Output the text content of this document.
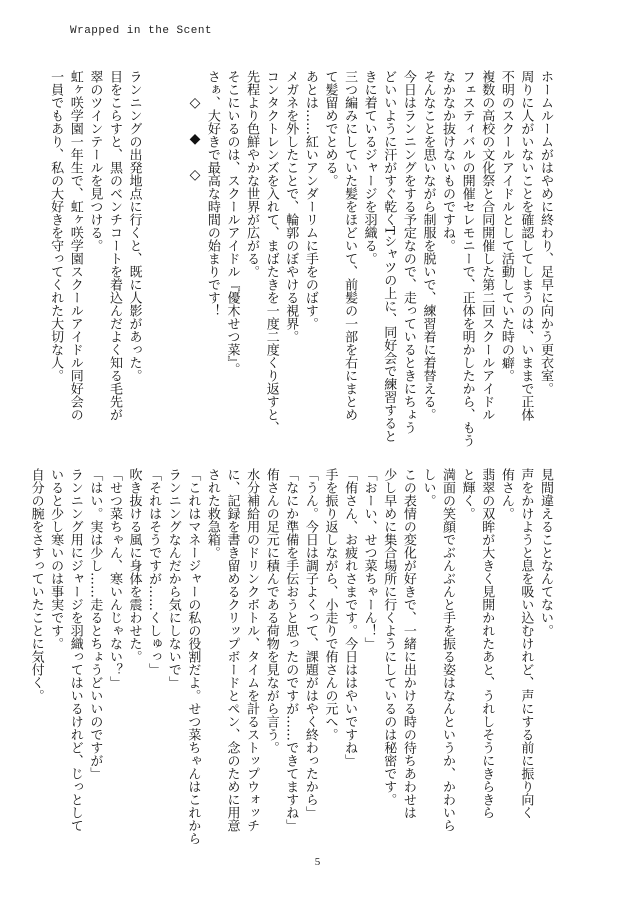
Wrapped in the Scent

ホームルームがはやめに終わり、足早に向かう更衣室。

周りに人がいないことを確認してしまうのは、いままで正体

不明のスクールアイドルとして活動していた時の癖。

複数の高校の文化祭と合同開催した第二回スクールアイドル

フェスティバルの開催セレモニーで、正体を明かしたから、もう

なかなか抜けないものですね。

そんなことを思いながら制服を脱いで、練習着に着替える。

今日はランニングをする予定なので、走っているときにちょう

どいいように汗がすぐ乾くTシャツの上に、同好会で練習すると

きに着ているジャージを羽織る。

三つ編みにしていた髪をほどいて、前髪の一部を右にまとめ

て髪留めでとめる。

あとは……紅いアンダーリムに手をのばす。

メガネを外したことで、輪郭のぼやける視界。

コンタクトレンズを入れて、まばたきを一度二度くり返すと、

先程より色鮮やかな世界が広がる。

そこにいるのは、スクールアイドル『優木せつ菜』。

さぁ、大好きで最高な時間の始まりです！

ランニングの出発地点に行くと、既に人影があった。

目をこらすと、黒のベンチコートを着込んだよく知る毛先が

翠のツインテールを見つける。

虹ヶ咲学園一年生で、虹ヶ咲学園スクールアイドル同好会の

一員でもあり、私の大好きを守ってくれた大切な人。	◇◆◇

見間違えることなんてない。

声をかけようと息を吸い込むけれど、声にする前に振り向く

侑さん。

翡翠の双眸が大きく見開かれたあと、うれしそうにきらきら

と輝く。

満面の笑顔でぶんぶんと手を振る姿はなんというか、かわいら

しい。

この表情の変化が好きで、一緒に出かける時の待ちあわせは

少し早めに集合場所に行くようにしているのは秘密です。

「おーい、せつ菜ちゃーん！」

「侑さん、お疲れさまです。今日ははやいですね」

手を振り返しながら、小走りで侑さんの元へ。

「うん。今日は調子よくって、課題がはやく終わったから」

「なにか準備を手伝おうと思ったのですが……できてますね」

侑さんの足元に積んである荷物を見ながら言う。

水分補給用のドリンクボトル、タイムを計るストップウォッチ

に、記録を書き留めるクリップボードとペン、念のために用意

された救急箱。

「これはマネージャーの私の役割だよ。せつ菜ちゃんはこれから

ランニングなんだから気にしないで」

「それはそうですが……くしゅっ」

吹き抜ける風に身体を震わせた。

「せつ菜ちゃん、寒いんじゃない？」

「はい。実は少し……走るとちょうどいいのですが」

ランニング用にジャージを羽織ってはいるけれど、じっとして

いると少し寒いのは事実です。

自分の腕をさすっていたことに気付く。

5
